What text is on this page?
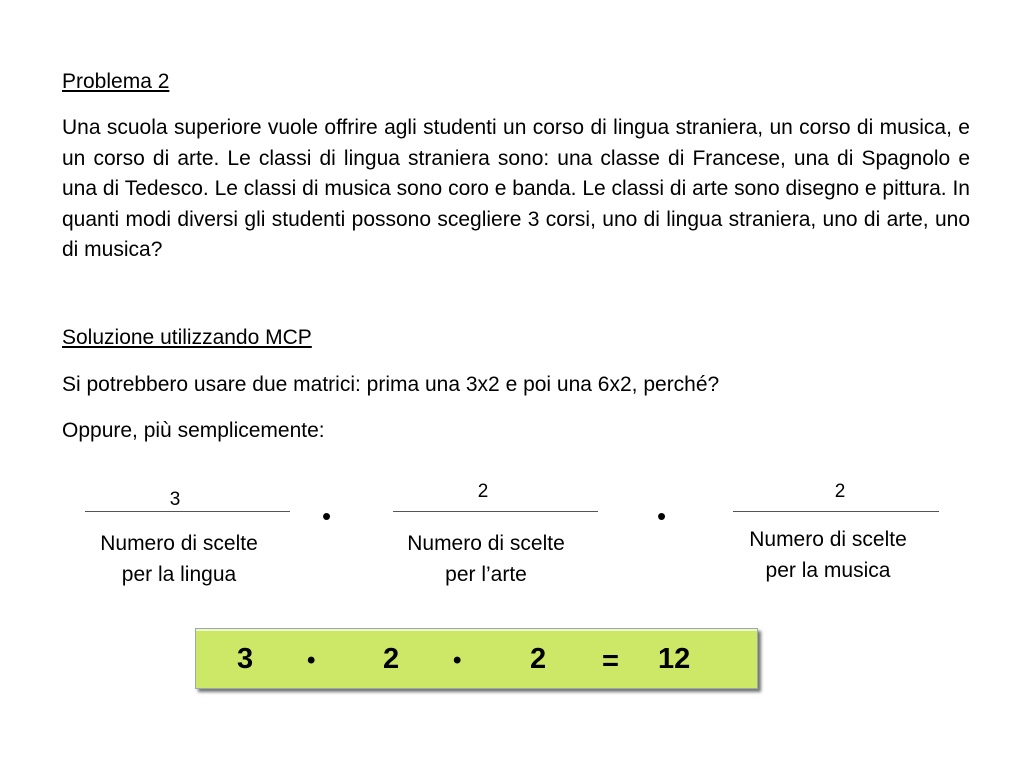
Problema 2
Una scuola superiore vuole offrire agli studenti un corso di lingua straniera, un corso di musica, e un corso di arte. Le classi di lingua straniera sono: una classe di Francese, una di Spagnolo e una di Tedesco. Le classi di musica sono coro e banda. Le classi di arte sono disegno e pittura. In quanti modi diversi gli studenti possono scegliere 3 corsi, uno di lingua straniera, uno di arte, uno di musica?
Soluzione utilizzando MCP
Si potrebbero usare due matrici: prima una 3x2 e poi una 6x2, perché?
Oppure, più semplicemente:
3
Numero di scelte
per la lingua
•
2
Numero di scelte
per l’arte
•
2
Numero di scelte
per la musica
3 • 2 • 2 = 12
